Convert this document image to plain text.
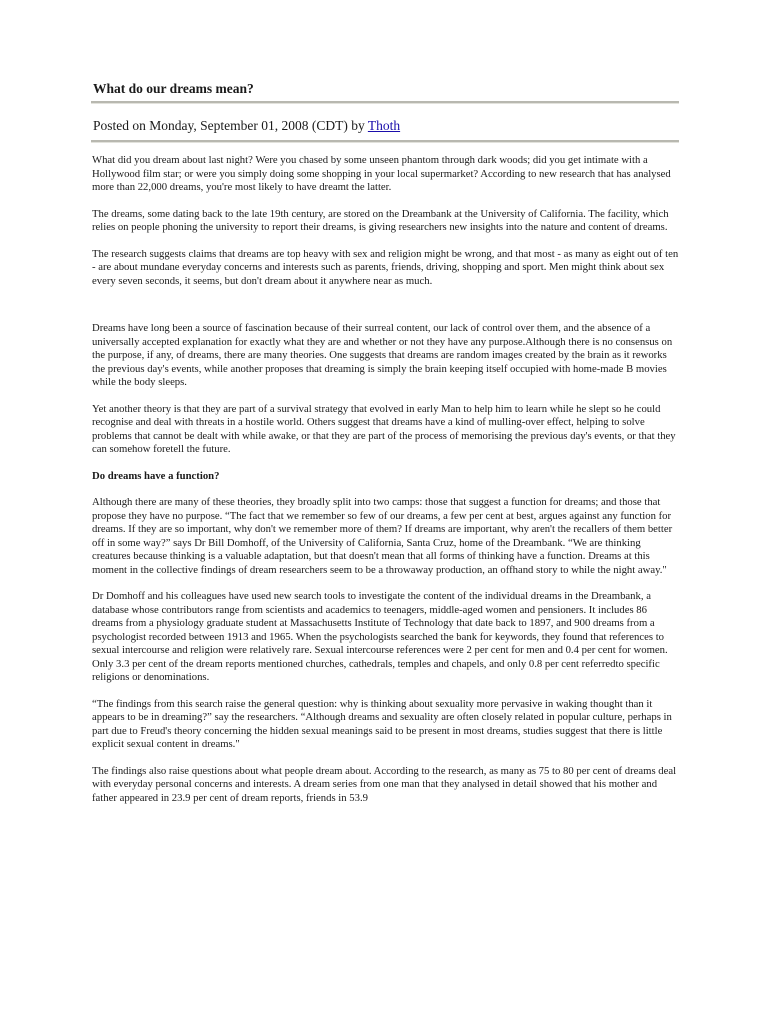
What do our dreams mean?
Posted on Monday, September 01, 2008 (CDT) by Thoth

What did you dream about last night? Were you chased by some unseen phantom through dark woods; did you get intimate with a Hollywood film star; or were you simply doing some shopping in your local supermarket? According to new research that has analysed more than 22,000 dreams, you're most likely to have dreamt the latter.

The dreams, some dating back to the late 19th century, are stored on the Dreambank at the University of California. The facility, which relies on people phoning the university to report their dreams, is giving researchers new insights into the nature and content of dreams.

The research suggests claims that dreams are top heavy with sex and religion might be wrong, and that most - as many as eight out of ten - are about mundane everyday concerns and interests such as parents, friends, driving, shopping and sport. Men might think about sex every seven seconds, it seems, but don't dream about it anywhere near as much.

Dreams have long been a source of fascination because of their surreal content, our lack of control over them, and the absence of a universally accepted explanation for exactly what they are and whether or not they have any purpose.Although there is no consensus on the purpose, if any, of dreams, there are many theories. One suggests that dreams are random images created by the brain as it reworks the previous day's events, while another proposes that dreaming is simply the brain keeping itself occupied with home-made B movies while the body sleeps.

Yet another theory is that they are part of a survival strategy that evolved in early Man to help him to learn while he slept so he could recognise and deal with threats in a hostile world. Others suggest that dreams have a kind of mulling-over effect, helping to solve problems that cannot be dealt with while awake, or that they are part of the process of memorising the previous day's events, or that they can somehow foretell the future.

Do dreams have a function?

Although there are many of these theories, they broadly split into two camps: those that suggest a function for dreams; and those that propose they have no purpose. “The fact that we remember so few of our dreams, a few per cent at best, argues against any function for dreams. If they are so important, why don't we remember more of them? If dreams are important, why aren't the recallers of them better off in some way?” says Dr Bill Domhoff, of the University of California, Santa Cruz, home of the Dreambank. “We are thinking creatures because thinking is a valuable adaptation, but that doesn't mean that all forms of thinking have a function. Dreams at this moment in the collective findings of dream researchers seem to be a throwaway production, an offhand story to while the night away."

Dr Domhoff and his colleagues have used new search tools to investigate the content of the individual dreams in the Dreambank, a database whose contributors range from scientists and academics to teenagers, middle-aged women and pensioners. It includes 86 dreams from a physiology graduate student at Massachusetts Institute of Technology that date back to 1897, and 900 dreams from a psychologist recorded between 1913 and 1965. When the psychologists searched the bank for keywords, they found that references to sexual intercourse and religion were relatively rare. Sexual intercourse references were 2 per cent for men and 0.4 per cent for women. Only 3.3 per cent of the dream reports mentioned churches, cathedrals, temples and chapels, and only 0.8 per cent referredto specific religions or denominations.

“The findings from this search raise the general question: why is thinking about sexuality more pervasive in waking thought than it appears to be in dreaming?” say the researchers. “Although dreams and sexuality are often closely related in popular culture, perhaps in part due to Freud's theory concerning the hidden sexual meanings said to be present in most dreams, studies suggest that there is little explicit sexual content in dreams."

The findings also raise questions about what people dream about. According to the research, as many as 75 to 80 per cent of dreams deal with everyday personal concerns and interests. A dream series from one man that they analysed in detail showed that his mother and father appeared in 23.9 per cent of dream reports, friends in 53.9
